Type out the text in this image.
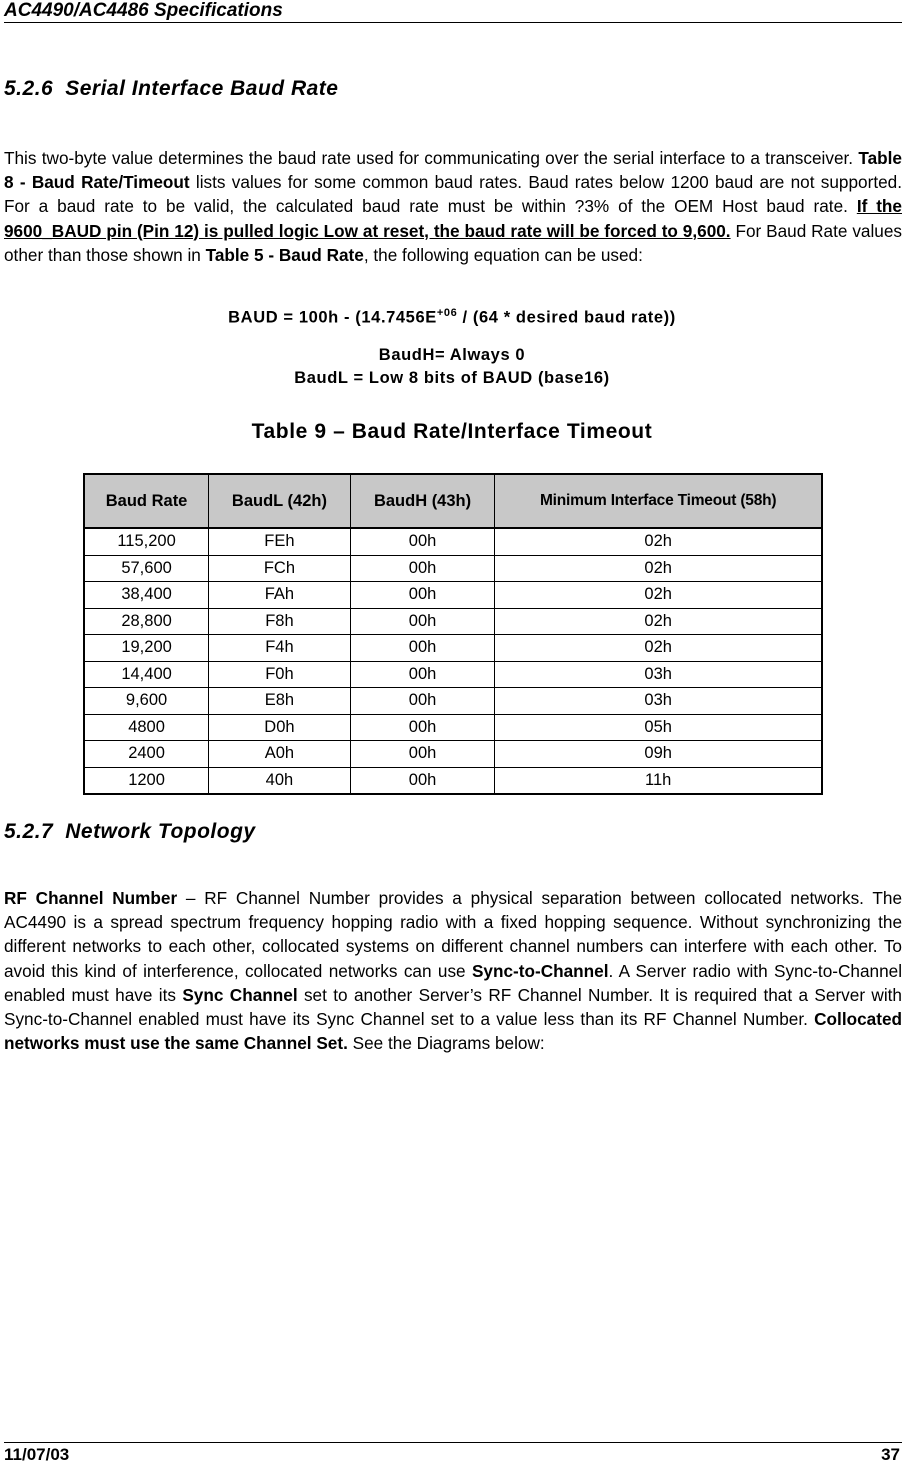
AC4490/AC4486 Specifications
5.2.6 Serial Interface Baud Rate
This two-byte value determines the baud rate used for communicating over the serial interface to a transceiver. Table 8 - Baud Rate/Timeout lists values for some common baud rates. Baud rates below 1200 baud are not supported. For a baud rate to be valid, the calculated baud rate must be within ?3% of the OEM Host baud rate. If the 9600_BAUD pin (Pin 12) is pulled logic Low at reset, the baud rate will be forced to 9,600. For Baud Rate values other than those shown in Table 5 - Baud Rate, the following equation can be used:
BAUD = $100h - (14.7456E^{+06} / (64$ * desired baud rate))
BaudH= Always 0
BaudL = Low 8 bits of BAUD (base16)
Table 9 – Baud Rate/Interface Timeout
Baud Rate	BaudL (42h)	BaudH (43h)	Minimum Interface Timeout (58h)
115,200	FEh	00h	02h
57,600	FCh	00h	02h
38,400	FAh	00h	02h
28,800	F8h	00h	02h
19,200	F4h	00h	02h
14,400	F0h	00h	03h
9,600	E8h	00h	03h
4800	D0h	00h	05h
2400	A0h	00h	09h
1200	40h	00h	11h
5.2.7 Network Topology
RF Channel Number – RF Channel Number provides a physical separation between collocated networks. The AC4490 is a spread spectrum frequency hopping radio with a fixed hopping sequence. Without synchronizing the different networks to each other, collocated systems on different channel numbers can interfere with each other. To avoid this kind of interference, collocated networks can use Sync-to-Channel. A Server radio with Sync-to-Channel enabled must have its Sync Channel set to another Server’s RF Channel Number. It is required that a Server with Sync-to-Channel enabled must have its Sync Channel set to a value less than its RF Channel Number. Collocated networks must use the same Channel Set. See the Diagrams below:
11/07/03	37
